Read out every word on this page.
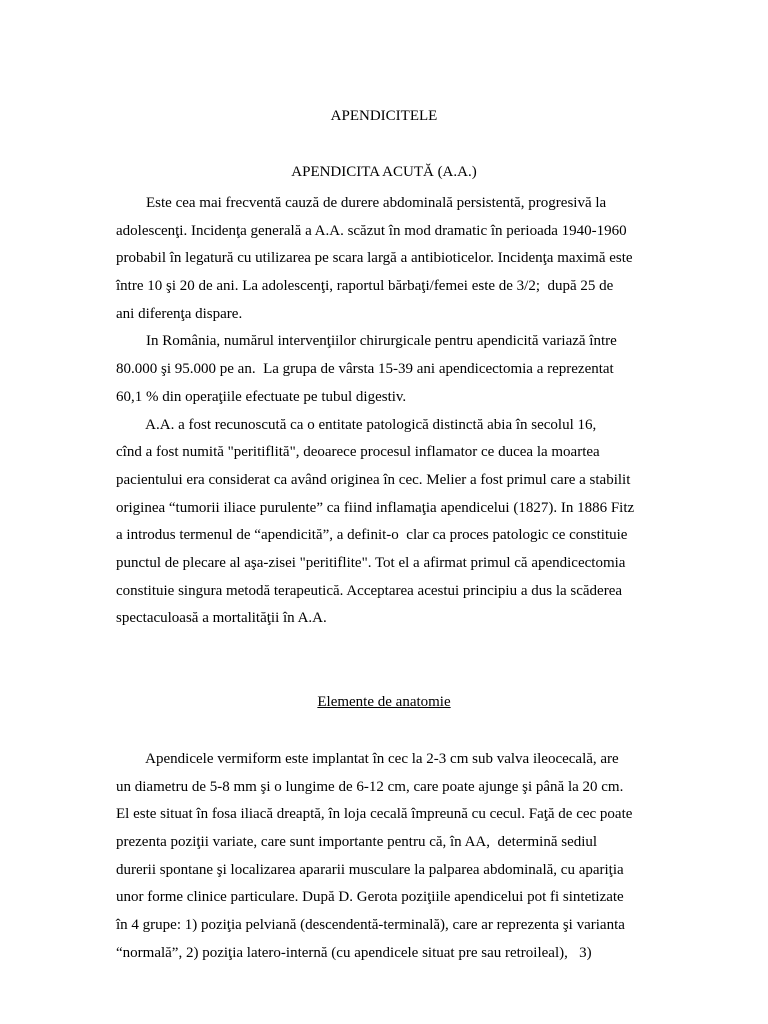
APENDICITELE

APENDICITA ACUTĂ (A.A.)

Este cea mai frecventă cauză de durere abdominală persistentă, progresivă la
adolescenţi. Incidenţa generală a A.A. scăzut în mod dramatic în perioada 1940-1960
probabil în legatură cu utilizarea pe scara largă a antibioticelor. Incidenţa maximă este
între 10 şi 20 de ani. La adolescenţi, raportul bărbaţi/femei este de 3/2;  după 25 de
ani diferenţa dispare.
In România, numărul intervenţiilor chirurgicale pentru apendicită variază între
80.000 şi 95.000 pe an.  La grupa de vârsta 15-39 ani apendicectomia a reprezentat
60,1 % din operaţiile efectuate pe tubul digestiv.
A.A. a fost recunoscută ca o entitate patologică distinctă abia în secolul 16,
cînd a fost numită "peritiflită", deoarece procesul inflamator ce ducea la moartea
pacientului era considerat ca având originea în cec. Melier a fost primul care a stabilit
originea “tumorii iliace purulente” ca fiind inflamaţia apendicelui (1827). In 1886 Fitz
a introdus termenul de “apendicită”, a definit-o  clar ca proces patologic ce constituie
punctul de plecare al aşa-zisei "peritiflite". Tot el a afirmat primul că apendicectomia
constituie singura metodă terapeutică. Acceptarea acestui principiu a dus la scăderea
spectaculoasă a mortalităţii în A.A.

Elemente de anatomie

Apendicele vermiform este implantat în cec la 2-3 cm sub valva ileocecală, are
un diametru de 5-8 mm şi o lungime de 6-12 cm, care poate ajunge şi până la 20 cm.
El este situat în fosa iliacă dreaptă, în loja cecală împreună cu cecul. Faţă de cec poate
prezenta poziţii variate, care sunt importante pentru că, în AA,  determină sediul
durerii spontane şi localizarea apararii musculare la palparea abdominală, cu apariţia
unor forme clinice particulare. După D. Gerota poziţiile apendicelui pot fi sintetizate
în 4 grupe: 1) poziţia pelviană (descendentă-terminală), care ar reprezenta şi varianta
“normală”, 2) poziţia latero-internă (cu apendicele situat pre sau retroileal),   3)
